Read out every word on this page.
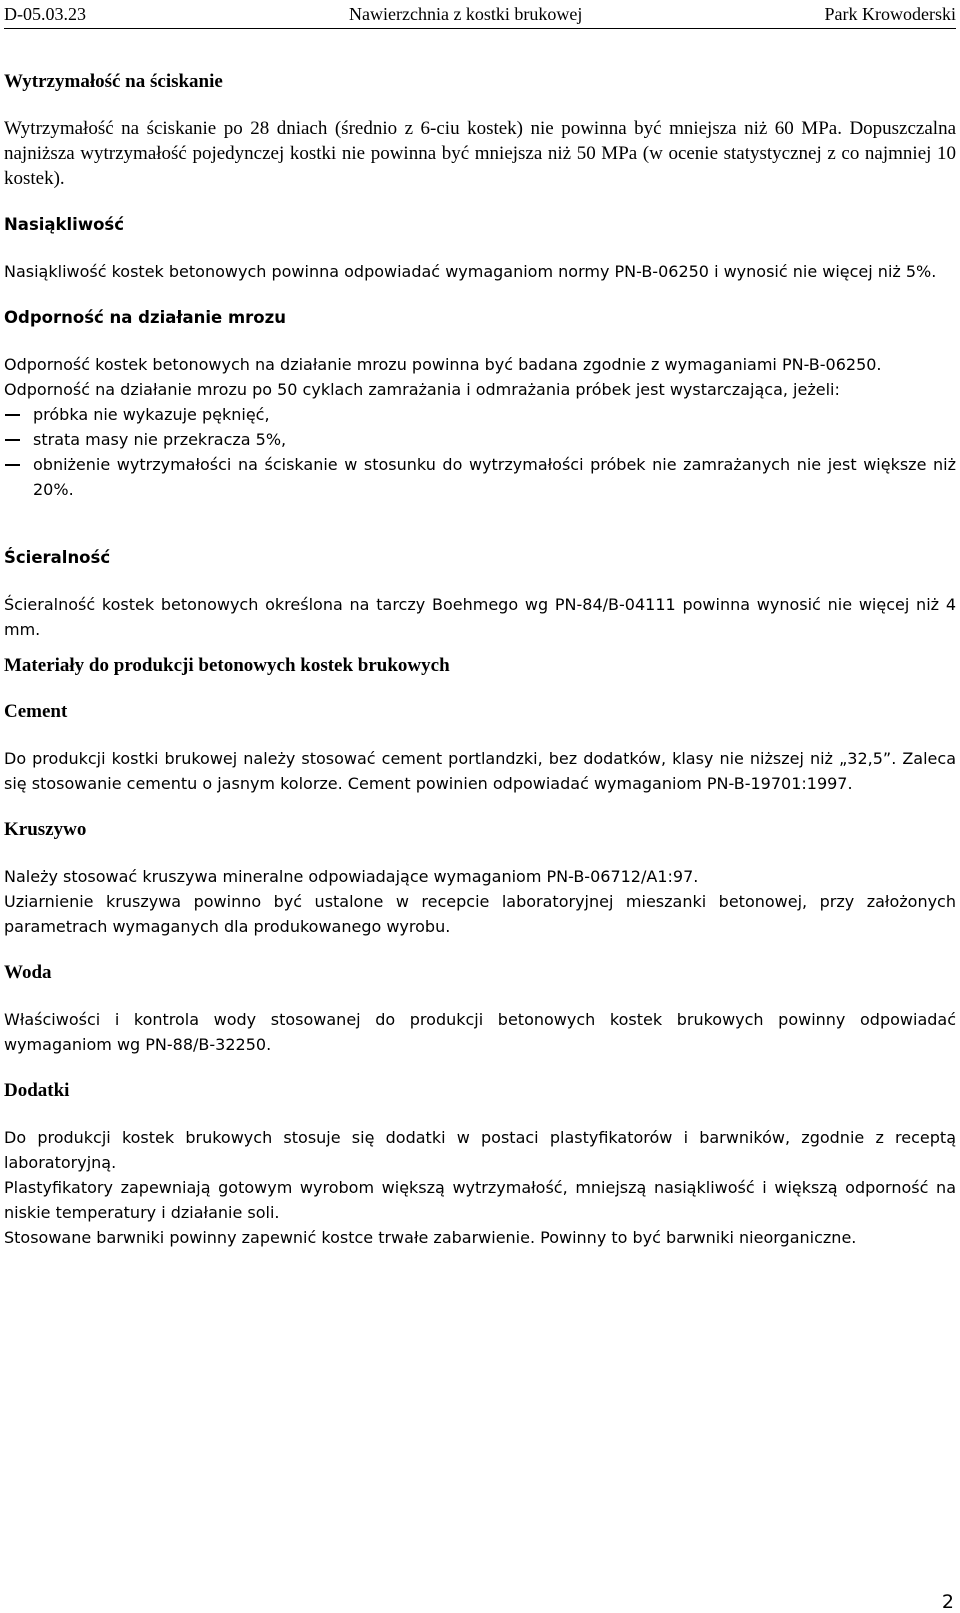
D-05.03.23	Nawierzchnia z kostki brukowej	Park Krowoderski
Wytrzymałość na ściskanie

Wytrzymałość na ściskanie po 28 dniach (średnio z 6-ciu kostek) nie powinna być mniejsza niż 60 MPa. Dopuszczalna najniższa wytrzymałość pojedynczej kostki nie powinna być mniejsza niż 50 MPa (w ocenie statystycznej z co najmniej 10 kostek).

Nasiąkliwość

Nasiąkliwość kostek betonowych powinna odpowiadać wymaganiom normy PN-B-06250 i wynosić nie więcej niż 5%.

Odporność na działanie mrozu

Odporność kostek betonowych na działanie mrozu powinna być badana zgodnie z wymaganiami PN-B-06250.

Odporność na działanie mrozu po 50 cyklach zamrażania i odmrażania próbek jest wystarczająca, jeżeli:

próbka nie wykazuje pęknięć,
strata masy nie przekracza 5%,
obniżenie wytrzymałości na ściskanie w stosunku do wytrzymałości próbek nie zamrażanych nie jest większe niż 20%.
Ścieralność

Ścieralność kostek betonowych określona na tarczy Boehmego wg PN-84/B-04111 powinna wynosić nie więcej niż 4 mm.

Materiały do produkcji betonowych kostek brukowych
Cement

Do produkcji kostki brukowej należy stosować cement portlandzki, bez dodatków, klasy nie niższej niż „32,5”. Zaleca się stosowanie cementu o jasnym kolorze. Cement powinien odpowiadać wymaganiom PN-B-19701:1997.

Kruszywo

Należy stosować kruszywa mineralne odpowiadające wymaganiom PN-B-06712/A1:97.

Uziarnienie kruszywa powinno być ustalone w recepcie laboratoryjnej mieszanki betonowej, przy założonych parametrach wymaganych dla produkowanego wyrobu.

Woda

Właściwości i kontrola wody stosowanej do produkcji betonowych kostek brukowych powinny odpowiadać wymaganiom wg PN-88/B-32250.

Dodatki

Do produkcji kostek brukowych stosuje się dodatki w postaci plastyfikatorów i barwników, zgodnie z receptą laboratoryjną.

Plastyfikatory zapewniają gotowym wyrobom większą wytrzymałość, mniejszą nasiąkliwość i większą odporność na niskie temperatury i działanie soli.

Stosowane barwniki powinny zapewnić kostce trwałe zabarwienie. Powinny to być barwniki nieorganiczne.

2
